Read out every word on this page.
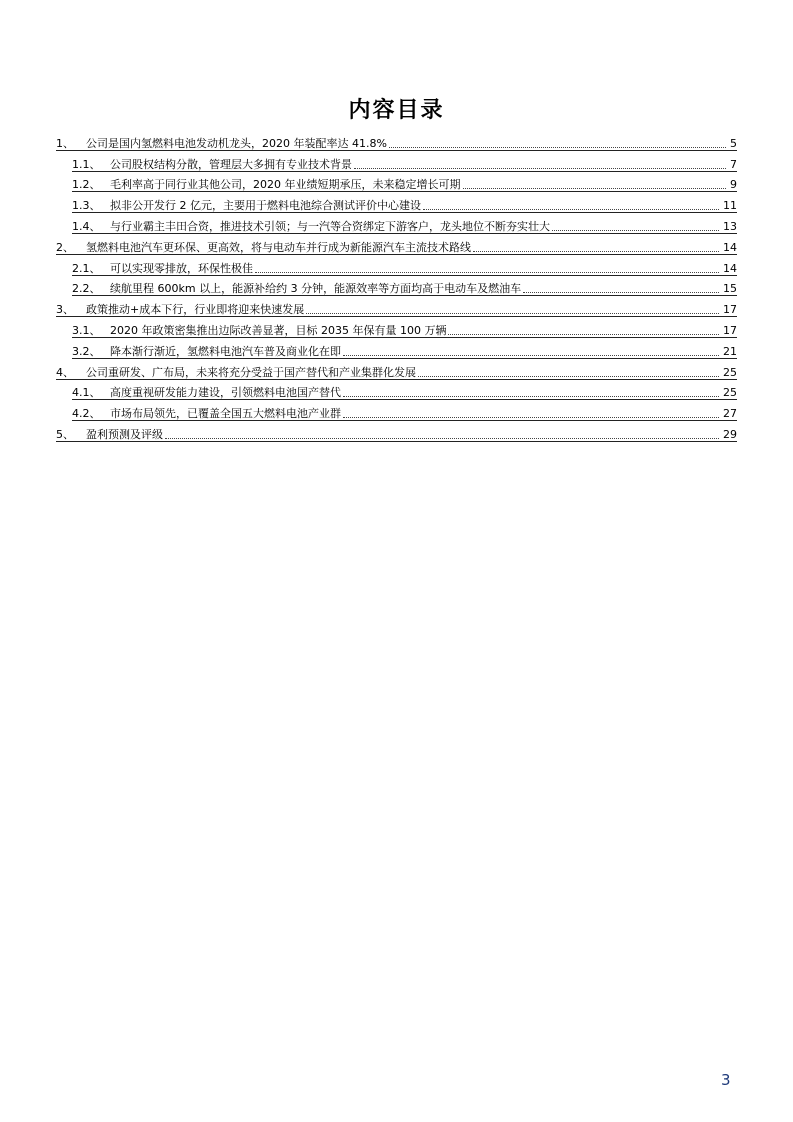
内容目录
1、	公司是国内氢燃料电池发动机龙头，2020 年装配率达 41.8%	5
1.1、 公司股权结构分散，管理层大多拥有专业技术背景	7
1.2、 毛利率高于同行业其他公司，2020 年业绩短期承压，未来稳定增长可期	9
1.3、 拟非公开发行 2 亿元，主要用于燃料电池综合测试评价中心建设	11
1.4、 与行业霸主丰田合资，推进技术引领；与一汽等合资绑定下游客户，龙头地位不断夯实壮大	13
2、	氢燃料电池汽车更环保、更高效，将与电动车并行成为新能源汽车主流技术路线	14
2.1、 可以实现零排放，环保性极佳	14
2.2、 续航里程 600km 以上，能源补给约 3 分钟，能源效率等方面均高于电动车及燃油车	15
3、	政策推动+成本下行，行业即将迎来快速发展	17
3.1、 2020 年政策密集推出边际改善显著，目标 2035 年保有量 100 万辆	17
3.2、 降本渐行渐近，氢燃料电池汽车普及商业化在即	21
4、	公司重研发、广布局，未来将充分受益于国产替代和产业集群化发展	25
4.1、 高度重视研发能力建设，引领燃料电池国产替代	25
4.2、 市场布局领先，已覆盖全国五大燃料电池产业群	27
5、	盈利预测及评级	29
3
